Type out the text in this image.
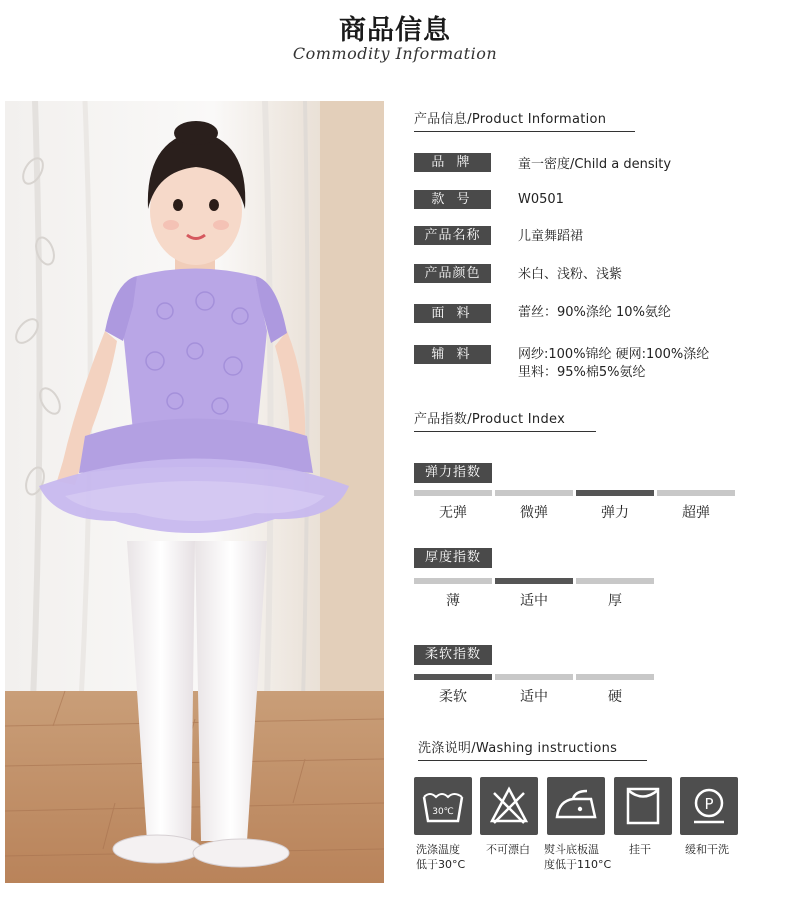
商品信息
Commodity Information
产品信息/Product Information
品 牌	童一密度/Child a density
款 号	W0501
产品名称	儿童舞蹈裙
产品颜色	米白、浅粉、浅紫
面 料	蕾丝：90%涤纶 10%氨纶
辅 料	网纱:100%锦纶 硬网:100%涤纶
里料：95%棉5%氨纶
产品指数/Product Index
弹力指数
无弹	微弹	弹力	超弹
厚度指数
薄	适中	厚
柔软指数
柔软	适中	硬
洗涤说明/Washing instructions
30℃	P
洗涤温度
低于30°C
不可漂白 熨斗底板温
度低于110°C
挂干	缓和干洗
